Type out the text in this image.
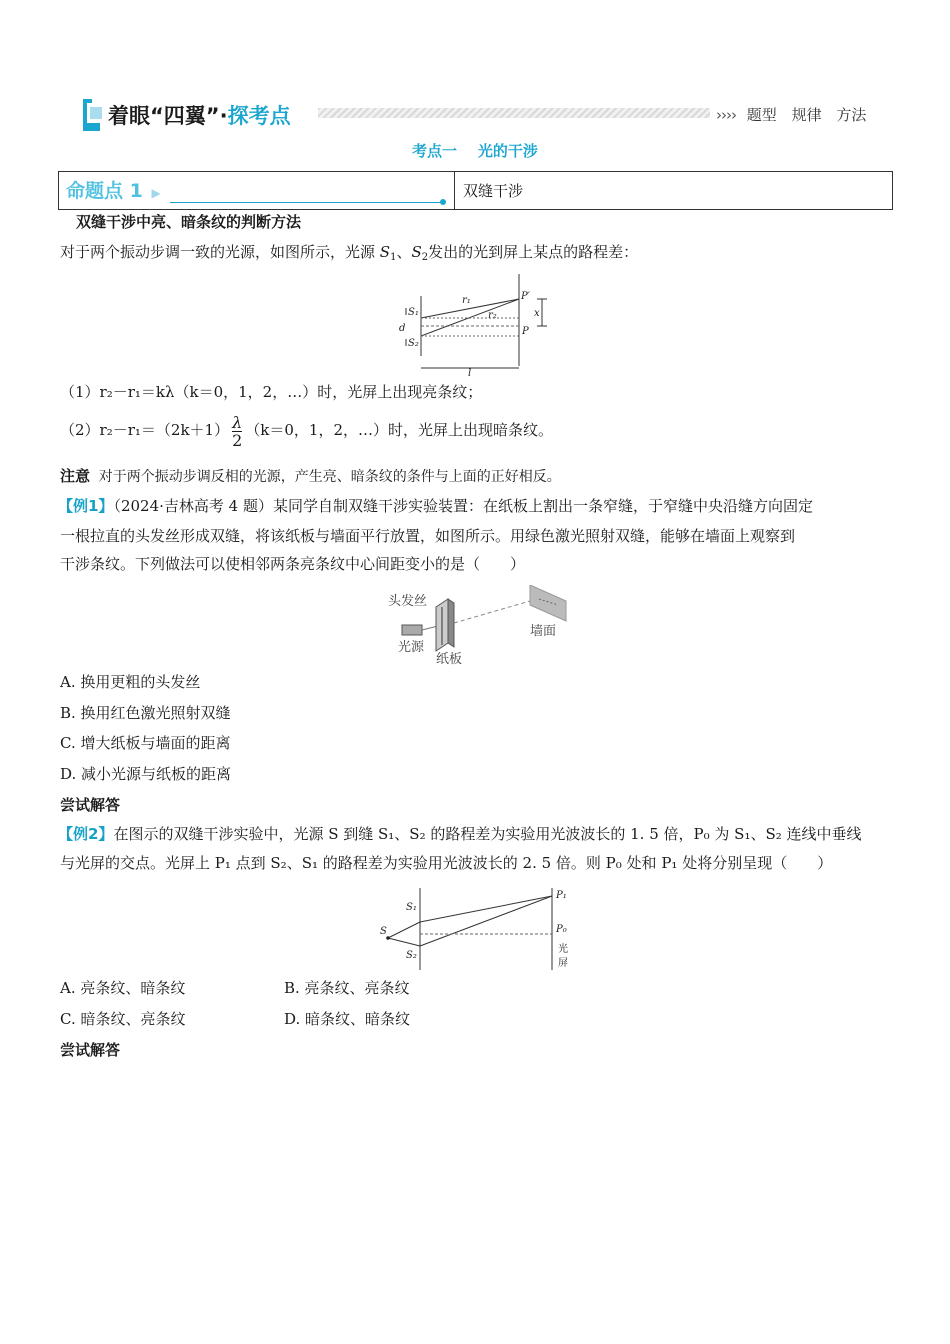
着眼“四翼”·探考点	›››› 题型 规律 方法
考点一    光的干涉
命题点 1 ▶	双缝干涉
双缝干涉中亮、暗条纹的判断方法
对于两个振动步调一致的光源，如图所示，光源 $S_1$、$S_2$发出的光到屏上某点的路程差：
S₁
S₂
d
r₁
r₂
P′
P
x
l
（1）r₂－r₁＝kλ（k＝0，1，2，…）时，光屏上出现亮条纹；
$(2)r_2-r_1=(2k+1) \frac{\lambda}{2} (k=0$，1，2，…）时，光屏上出现暗条纹。
注意 对于两个振动步调反相的光源，产生亮、暗条纹的条件与上面的正好相反。
【例1】（2024·吉林高考 4 题）某同学自制双缝干涉实验装置：在纸板上割出一条窄缝，于窄缝中央沿缝方向固定
一根拉直的头发丝形成双缝，将该纸板与墙面平行放置，如图所示。用绿色激光照射双缝，能够在墙面上观察到
干涉条纹。下列做法可以使相邻两条亮条纹中心间距变小的是（　　）
头发丝
光源
纸板
墙面
A. 换用更粗的头发丝
B. 换用红色激光照射双缝
C. 增大纸板与墙面的距离
D. 减小光源与纸板的距离
尝试解答
【例2】在图示的双缝干涉实验中，光源 S 到缝 S₁、S₂ 的路程差为实验用光波波长的 1. 5 倍，P₀ 为 S₁、S₂ 连线中垂线
与光屏的交点。光屏上 P₁ 点到 S₂、S₁ 的路程差为实验用光波波长的 2. 5 倍。则 P₀ 处和 P₁ 处将分别呈现（　　）
S₁
S
S₂
P₁
P₀
光
屏
A. 亮条纹、暗条纹	B. 亮条纹、亮条纹
C. 暗条纹、亮条纹	D. 暗条纹、暗条纹
尝试解答
